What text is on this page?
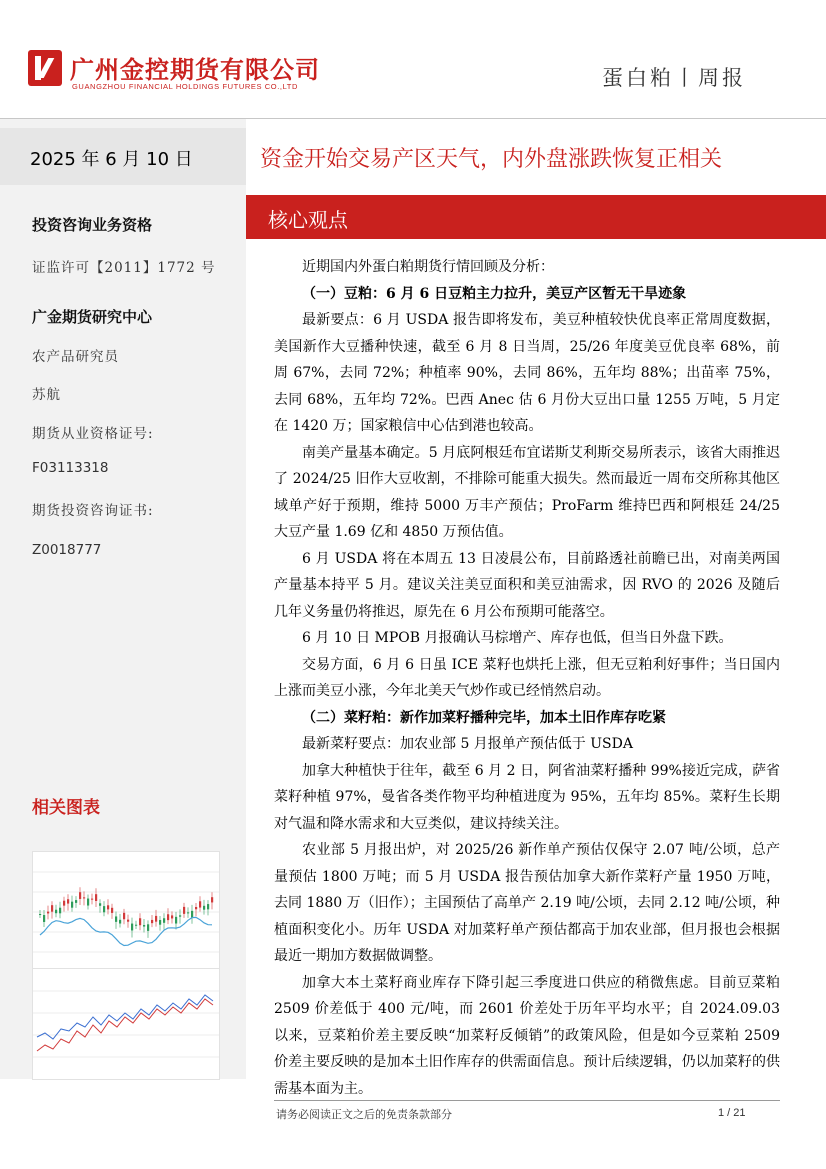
广州金控期货有限公司
GUANGZHOU FINANCIAL HOLDINGS FUTURES CO.,LTD	蛋白粕丨周报
2025 年 6 月 10 日
投资咨询业务资格
证监许可【2011】1772 号
广金期货研究中心
农产品研究员
苏航
期货从业资格证号:
F03113318
期货投资咨询证书:
Z0018777
相关图表
资金开始交易产区天气，内外盘涨跌恢复正相关
核心观点

近期国内外蛋白粕期货行情回顾及分析：

（一）豆粕：6 月 6 日豆粕主力拉升，美豆产区暂无干旱迹象

最新要点：6 月 USDA 报告即将发布，美豆种植较快优良率正常周度数据，美国新作大豆播种快速，截至 6 月 8 日当周，25/26 年度美豆优良率 68%，前周 67%，去同 72%；种植率 90%，去同 86%，五年均 88%；出苗率 75%，去同 68%，五年均 72%。巴西 Anec 估 6 月份大豆出口量 1255 万吨，5 月定在 1420 万；国家粮信中心估到港也较高。

南美产量基本确定。5 月底阿根廷布宜诺斯艾利斯交易所表示，该省大雨推迟了 2024/25 旧作大豆收割，不排除可能重大损失。然而最近一周布交所称其他区域单产好于预期，维持 5000 万丰产预估；ProFarm 维持巴西和阿根廷 24/25 大豆产量 1.69 亿和 4850 万预估值。

6 月 USDA 将在本周五 13 日凌晨公布，目前路透社前瞻已出，对南美两国产量基本持平 5 月。建议关注美豆面积和美豆油需求，因 RVO 的 2026 及随后几年义务量仍将推迟，原先在 6 月公布预期可能落空。

6 月 10 日 MPOB 月报确认马棕增产、库存也低，但当日外盘下跌。

交易方面，6 月 6 日虽 ICE 菜籽也烘托上涨，但无豆粕利好事件；当日国内上涨而美豆小涨，今年北美天气炒作或已经悄然启动。

（二）菜籽粕：新作加菜籽播种完毕，加本土旧作库存吃紧

最新菜籽要点：加农业部 5 月报单产预估低于 USDA

加拿大种植快于往年，截至 6 月 2 日，阿省油菜籽播种 99%接近完成，萨省菜籽种植 97%，曼省各类作物平均种植进度为 95%，五年均 85%。菜籽生长期对气温和降水需求和大豆类似，建议持续关注。

农业部 5 月报出炉，对 2025/26 新作单产预估仅保守 2.07 吨/公顷，总产量预估 1800 万吨；而 5 月 USDA 报告预估加拿大新作菜籽产量 1950 万吨，去同 1880 万（旧作）；主国预估了高单产 2.19 吨/公顷，去同 2.12 吨/公顷，种植面积变化小。历年 USDA 对加菜籽单产预估都高于加农业部，但月报也会根据最近一期加方数据做调整。

加拿大本土菜籽商业库存下降引起三季度进口供应的稍微焦虑。目前豆菜粕 2509 价差低于 400 元/吨，而 2601 价差处于历年平均水平；自 2024.09.03 以来，豆菜粕价差主要反映“加菜籽反倾销”的政策风险，但是如今豆菜粕 2509 价差主要反映的是加本土旧作库存的供需面信息。预计后续逻辑，仍以加菜籽的供需基本面为主。

请务必阅读正文之后的免责条款部分	1 / 21
